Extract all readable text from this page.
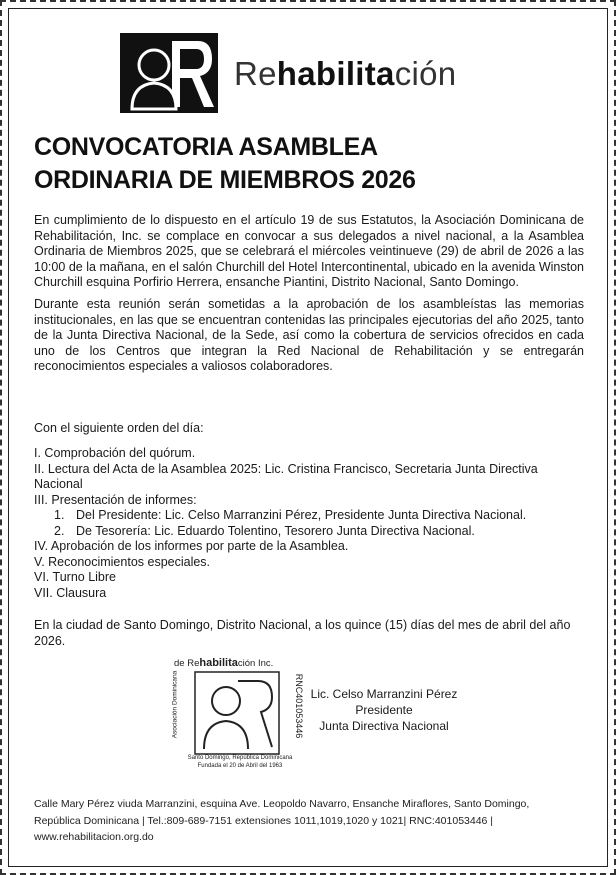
Rehabilitación
CONVOCATORIA ASAMBLEA
ORDINARIA DE MIEMBROS 2026

En cumplimiento de lo dispuesto en el artículo 19 de sus Estatutos, la Asociación Dominicana de Rehabilitación, Inc. se complace en convocar a sus delegados a nivel nacional, a la Asamblea Ordinaria de Miembros 2025, que se celebrará el miércoles veintinueve (29) de abril de 2026 a las 10:00 de la mañana, en el salón Churchill del Hotel Intercontinental, ubicado en la avenida Winston Churchill esquina Porfirio Herrera, ensanche Piantini, Distrito Nacional, Santo Domingo.

Durante esta reunión serán sometidas a la aprobación de los asambleístas las memorias institucionales, en las que se encuentran contenidas las principales ejecutorias del año 2025, tanto de la Junta Directiva Nacional, de la Sede, así como la cobertura de servicios ofrecidos en cada uno de los Centros que integran la Red Nacional de Rehabilitación y se entregarán reconocimientos especiales a valiosos colaboradores.

Con el siguiente orden del día:

I. Comprobación del quórum.
II. Lectura del Acta de la Asamblea 2025: Lic. Cristina Francisco, Secretaria Junta Directiva Nacional
III. Presentación de informes:
1. Del Presidente: Lic. Celso Marranzini Pérez, Presidente Junta Directiva Nacional.
2. De Tesorería: Lic. Eduardo Tolentino, Tesorero Junta Directiva Nacional.
IV. Aprobación de los informes por parte de la Asamblea.
V. Reconocimientos especiales.
VI. Turno Libre
VII. Clausura

En la ciudad de Santo Domingo, Distrito Nacional, a los quince (15) días del mes de abril del año 2026.

de Rehabilitación Inc.
Asociación Dominicana	RNC401053446
Santo Domingo, República Dominicana
Fundada el 20 de Abril del 1963
Lic. Celso Marranzini Pérez
Presidente
Junta Directiva Nacional
Calle Mary Pérez viuda Marranzini, esquina Ave. Leopoldo Navarro, Ensanche Miraflores, Santo Domingo,
República Dominicana | Tel.:809-689-7151 extensiones 1011,1019,1020 y 1021| RNC:401053446 |
www.rehabilitacion.org.do
